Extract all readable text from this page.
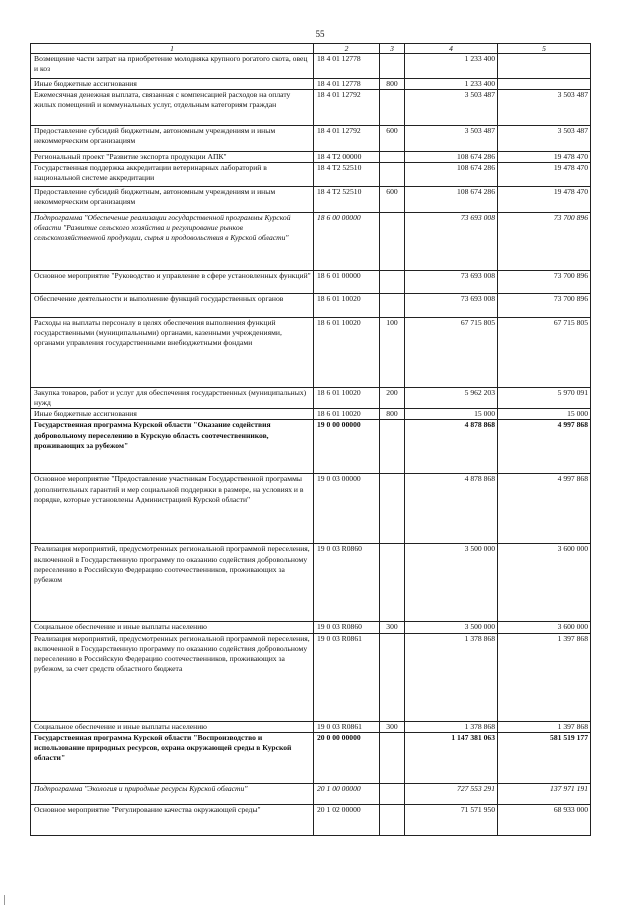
55
1	2	3	4	5
Возмещение части затрат на приобретение молодняка крупного рогатого скота, овец и коз	18 4 01 12778		1 233 400	
Иные бюджетные ассигнования	18 4 01 12778	800	1 233 400	
Ежемесячная денежная выплата, связанная с компенсацией расходов на оплату жилых помещений и коммунальных услуг, отдельным категориям граждан	18 4 01 12792		3 503 487	3 503 487
Предоставление субсидий бюджетным, автономным учреждениям и иным некоммерческим организациям	18 4 01 12792	600	3 503 487	3 503 487
Региональный проект "Развитие экспорта продукции АПК"	18 4 T2 00000		108 674 286	19 478 470
Государственная поддержка аккредитации ветеринарных лабораторий в национальной системе аккредитации	18 4 T2 52510		108 674 286	19 478 470
Предоставление субсидий бюджетным, автономным учреждениям и иным некоммерческим организациям	18 4 T2 52510	600	108 674 286	19 478 470
Подпрограмма "Обеспечение реализации государственной программы Курской области "Развитие сельского хозяйства и регулирование рынков сельскохозяйственной продукции, сырья и продовольствия в Курской области"	18 6 00 00000		73 693 008	73 700 896
Основное мероприятие "Руководство и управление в сфере установленных функций"	18 6 01 00000		73 693 008	73 700 896
Обеспечение деятельности и выполнение функций государственных органов	18 6 01 10020		73 693 008	73 700 896
Расходы на выплаты персоналу в целях обеспечения выполнения функций государственными (муниципальными) органами, казенными учреждениями, органами управления государственными внебюджетными фондами	18 6 01 10020	100	67 715 805	67 715 805
Закупка товаров, работ и услуг для обеспечения государственных (муниципальных) нужд	18 6 01 10020	200	5 962 203	5 970 091
Иные бюджетные ассигнования	18 6 01 10020	800	15 000	15 000
Государственная программа Курской области "Оказание содействия добровольному переселению в Курскую область соотечественников, проживающих за рубежом"	19 0 00 00000		4 878 868	4 997 868
Основное мероприятие "Предоставление участникам Государственной программы дополнительных гарантий и мер социальной поддержки в размере, на условиях и в порядке, которые установлены Администрацией Курской области"	19 0 03 00000		4 878 868	4 997 868
Реализация мероприятий, предусмотренных региональной программой переселения, включенной в Государственную программу по оказанию содействия добровольному переселению в Российскую Федерацию соотечественников, проживающих за рубежом	19 0 03 R0860		3 500 000	3 600 000
Социальное обеспечение и иные выплаты населению	19 0 03 R0860	300	3 500 000	3 600 000
Реализация мероприятий, предусмотренных региональной программой переселения, включенной в Государственную программу по оказанию содействия добровольному переселению в Российскую Федерацию соотечественников, проживающих за рубежом, за счет средств областного бюджета	19 0 03 R0861		1 378 868	1 397 868
Социальное обеспечение и иные выплаты населению	19 0 03 R0861	300	1 378 868	1 397 868
Государственная программа Курской области "Воспроизводство и использование природных ресурсов, охрана окружающей среды в Курской области"	20 0 00 00000		1 147 381 063	581 519 177
Подпрограмма "Экология и природные ресурсы Курской области"	20 1 00 00000		727 553 291	137 971 191
Основное мероприятие "Регулирование качества окружающей среды"	20 1 02 00000		71 571 950	68 933 000
